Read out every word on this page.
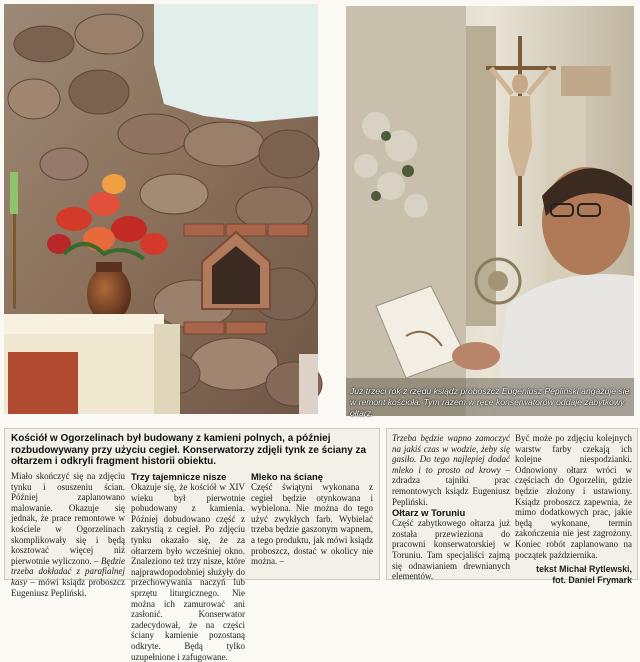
Już trzeci rok z rzędu ksiądz proboszcz Eugeniusz Pepliński angażuje się w remont kościoła. Tym razem w ręce konserwatorów oddaje zabytkowy ołtarz.
Kościół w Ogorzelinach był budowany z kamieni polnych, a później rozbudowywany przy użyciu cegieł. Konserwatorzy zdjęli tynk ze ściany za ołtarzem i odkryli fragment historii obiektu.

Miało skończyć się na zdjęciu tynku i osuszeniu ścian. Później zaplanowano malowanie. Okazuje się jednak, że prace remontowe w kościele w Ogorzelinach skomplikowały się i będą kosztować więcej niż pierwotnie wyliczono. – Będzie trzeba dokładać z parafialnej kasy – mówi ksiądz proboszcz Eugeniusz Pepliński.

Trzy tajemnicze nisze

Okazuje się, że kościół w XIV wieku był pierwotnie pobudowany z kamienia. Później dobudowano część z zakrystią z cegieł. Po zdjęciu tynku okazało się, że za ołtarzem było wcześniej okno. Znaleziono też trzy nisze, które najprawdopodobniej służyły do przechowywania naczyń lub sprzętu liturgicznego. Nie można ich zamurować ani zasłonić. Konserwator zadecydował, że na części ściany kamienie pozostaną odkryte. Będą tylko uzupełnione i zafugowane.

Mleko na ścianę

Część świątyni wykonana z cegieł będzie otynkowana i wybielona. Nie można do tego użyć zwykłych farb. Wybielać trzeba będzie gaszonym wapnem, a tego produktu, jak mówi ksiądz proboszcz, dostać w okolicy nie można. –

Trzeba będzie wapno zamoczyć na jakiś czas w wodzie, żeby się gasiło. Do tego najlepiej dodać mleko i to prosto od krowy – zdradza tajniki prac remontowych ksiądz Eugeniusz Pepliński.

Ołtarz w Toruniu

Część zabytkowego ołtarza już została przewieziona do pracowni konserwatorskiej w Toruniu. Tam specjaliści zajmą się odnawianiem drewnianych elementów.

Być może po zdjęciu kolejnych warstw farby czekają ich kolejne niespodzianki. Odnowiony ołtarz wróci w częściach do Ogorzelin, gdzie będzie złożony i ustawiony. Ksiądz proboszcz zapewnia, że mimo dodatkowych prac, jakie będą wykonane, termin zakończenia nie jest zagrożony. Koniec robót zaplanowano na początek października.

tekst Michał Rytlewski,

fot. Daniel Frymark
